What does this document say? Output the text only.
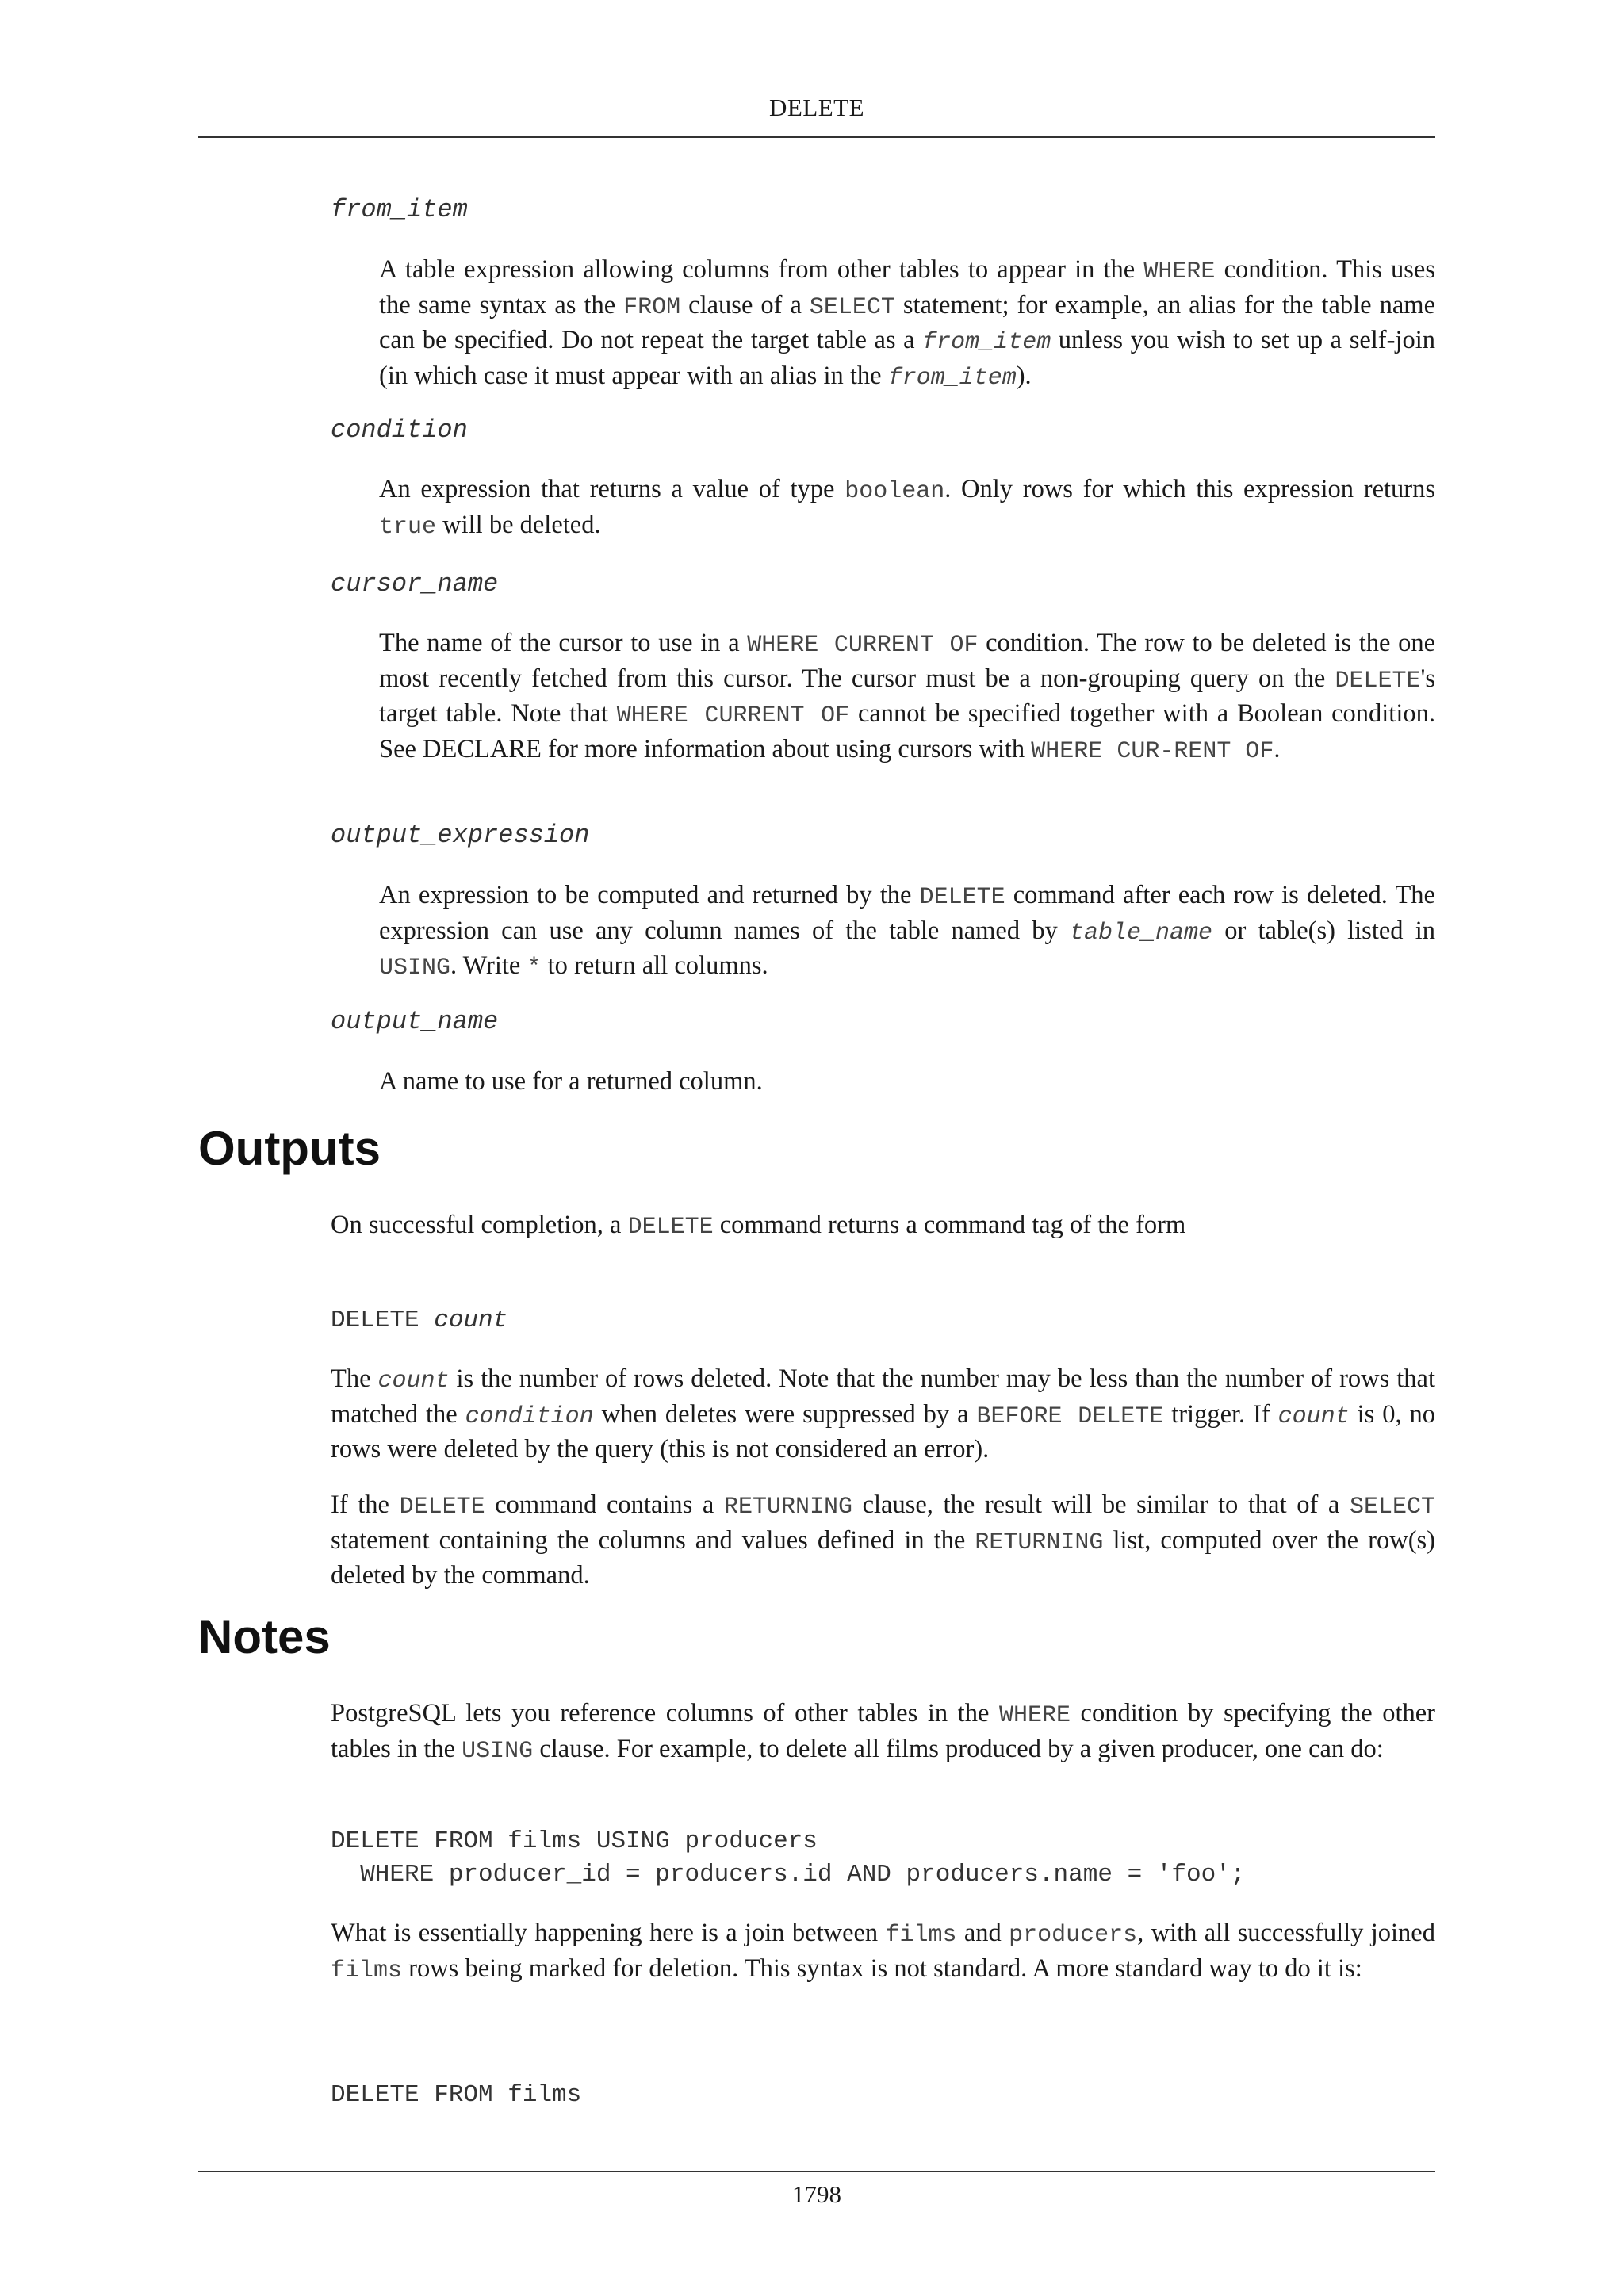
DELETE
from_item
A table expression allowing columns from other tables to appear in the WHERE condition. This uses the same syntax as the FROM clause of a SELECT statement; for example, an alias for the table name can be specified. Do not repeat the target table as a from_item unless you wish to set up a self-join (in which case it must appear with an alias in the from_item).
condition
An expression that returns a value of type boolean. Only rows for which this expression returns true will be deleted.
cursor_name
The name of the cursor to use in a WHERE CURRENT OF condition. The row to be deleted is the one most recently fetched from this cursor. The cursor must be a non-grouping query on the DELETE's target table. Note that WHERE CURRENT OF cannot be specified together with a Boolean condition. See DECLARE for more information about using cursors with WHERE CUR-RENT OF.
output_expression
An expression to be computed and returned by the DELETE command after each row is deleted. The expression can use any column names of the table named by table_name or table(s) listed in USING. Write * to return all columns.
output_name
A name to use for a returned column.
Outputs
On successful completion, a DELETE command returns a command tag of the form
DELETE count
The count is the number of rows deleted. Note that the number may be less than the number of rows that matched the condition when deletes were suppressed by a BEFORE DELETE trigger. If count is 0, no rows were deleted by the query (this is not considered an error).
If the DELETE command contains a RETURNING clause, the result will be similar to that of a SELECT statement containing the columns and values defined in the RETURNING list, computed over the row(s) deleted by the command.
Notes
PostgreSQL lets you reference columns of other tables in the WHERE condition by specifying the other tables in the USING clause. For example, to delete all films produced by a given producer, one can do:
DELETE FROM films USING producers
WHERE producer_id = producers.id AND producers.name = 'foo';
What is essentially happening here is a join between films and producers, with all successfully joined films rows being marked for deletion. This syntax is not standard. A more standard way to do it is:
DELETE FROM films
1798
